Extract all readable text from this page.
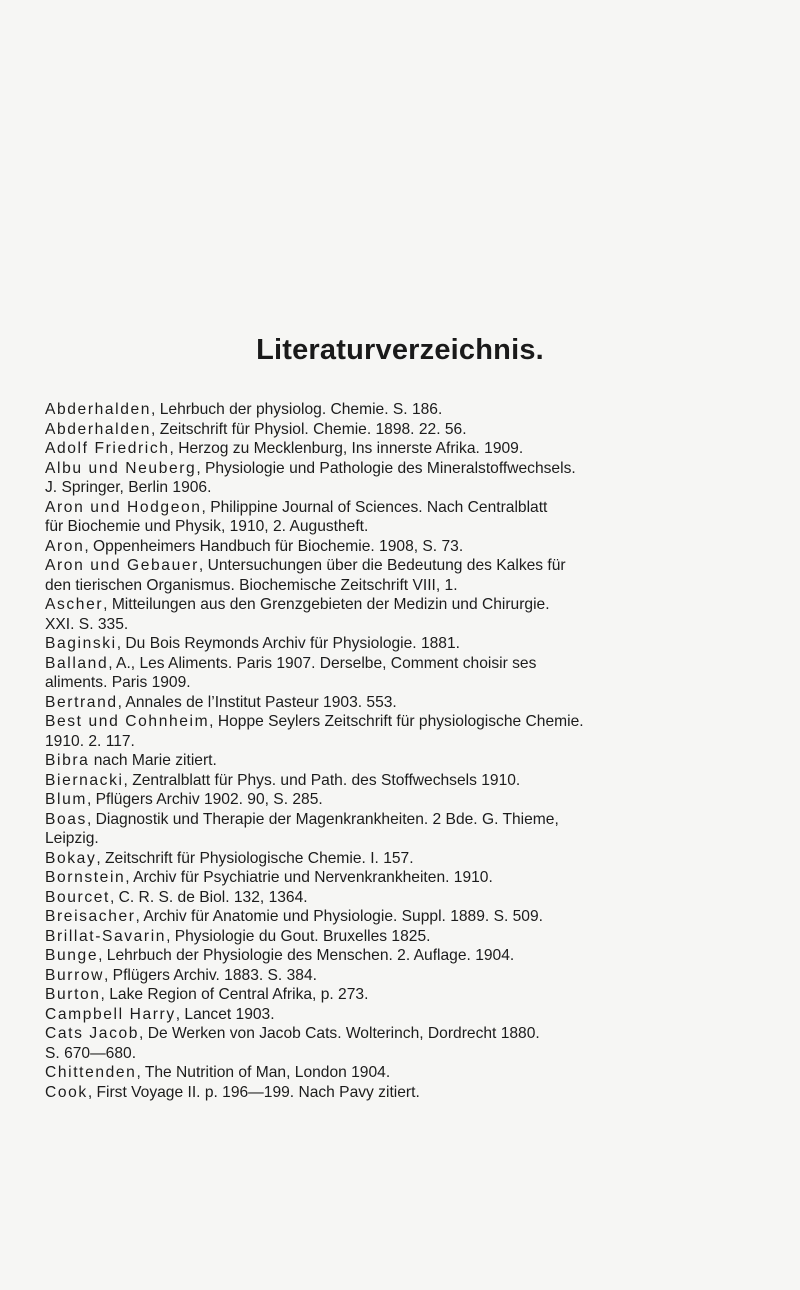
Literaturverzeichnis.
Abderhalden, Lehrbuch der physiolog. Chemie. S. 186.
Abderhalden, Zeitschrift für Physiol. Chemie. 1898. 22. 56.
Adolf Friedrich, Herzog zu Mecklenburg, Ins innerste Afrika. 1909.
Albu und Neuberg, Physiologie und Pathologie des Mineralstoffwechsels.
J. Springer, Berlin 1906.
Aron und Hodgeon, Philippine Journal of Sciences. Nach Centralblatt
für Biochemie und Physik, 1910, 2. Augustheft.
Aron, Oppenheimers Handbuch für Biochemie. 1908, S. 73.
Aron und Gebauer, Untersuchungen über die Bedeutung des Kalkes für
den tierischen Organismus. Biochemische Zeitschrift VIII, 1.
Ascher, Mitteilungen aus den Grenzgebieten der Medizin und Chirurgie.
XXI. S. 335.
Baginski, Du Bois Reymonds Archiv für Physiologie. 1881.
Balland, A., Les Aliments. Paris 1907. Derselbe, Comment choisir ses
aliments. Paris 1909.
Bertrand, Annales de l’Institut Pasteur 1903. 553.
Best und Cohnheim, Hoppe Seylers Zeitschrift für physiologische Chemie.
1910. 2. 117.
Bibra nach Marie zitiert.
Biernacki, Zentralblatt für Phys. und Path. des Stoffwechsels 1910.
Blum, Pflügers Archiv 1902. 90, S. 285.
Boas, Diagnostik und Therapie der Magenkrankheiten. 2 Bde. G. Thieme,
Leipzig.
Bokay, Zeitschrift für Physiologische Chemie. I. 157.
Bornstein, Archiv für Psychiatrie und Nervenkrankheiten. 1910.
Bourcet, C. R. S. de Biol. 132, 1364.
Breisacher, Archiv für Anatomie und Physiologie. Suppl. 1889. S. 509.
Brillat-Savarin, Physiologie du Gout. Bruxelles 1825.
Bunge, Lehrbuch der Physiologie des Menschen. 2. Auflage. 1904.
Burrow, Pflügers Archiv. 1883. S. 384.
Burton, Lake Region of Central Afrika, p. 273.
Campbell Harry, Lancet 1903.
Cats Jacob, De Werken von Jacob Cats. Wolterinch, Dordrecht 1880.
S. 670—680.
Chittenden, The Nutrition of Man, London 1904.
Cook, First Voyage II. p. 196—199. Nach Pavy zitiert.
